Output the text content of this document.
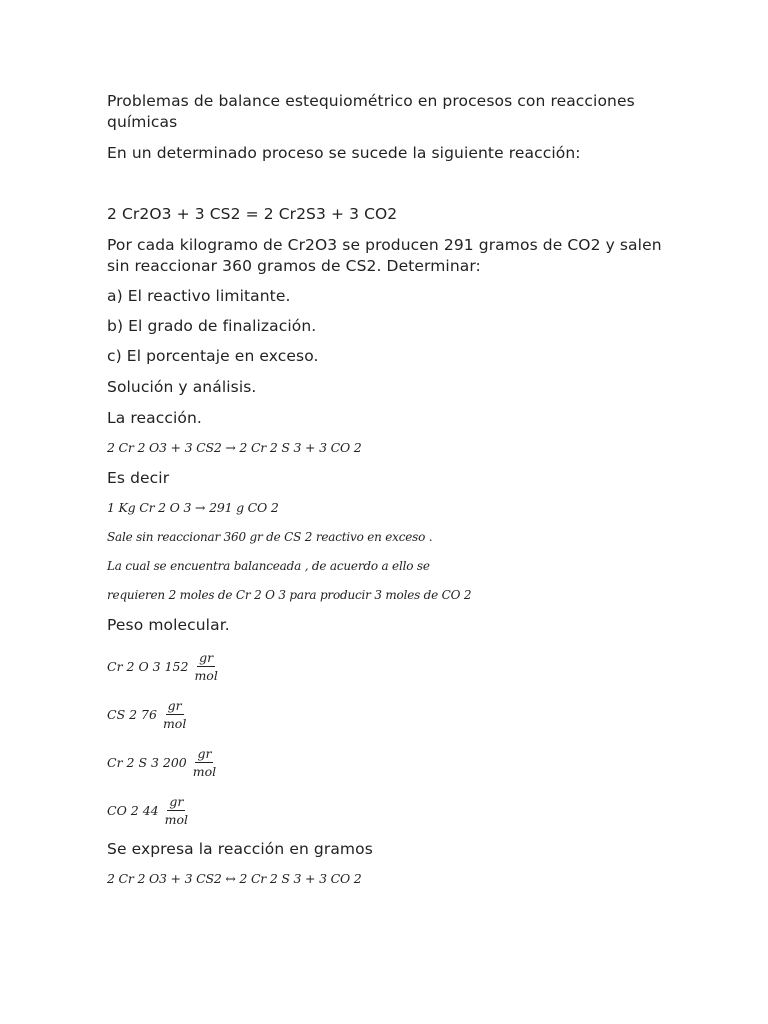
Problemas de balance estequiométrico en procesos con reacciones
químicas
En un determinado proceso se sucede la siguiente reacción:
2 Cr2O3 + 3 CS2 = 2 Cr2S3 + 3 CO2
Por cada kilogramo de Cr2O3 se producen 291 gramos de CO2 y salen
sin reaccionar 360 gramos de CS2. Determinar:
a) El reactivo limitante.
b) El grado de finalización.
c) El porcentaje en exceso.
Solución y análisis.
La reacción.
2 Cr 2 O3 + 3 CS2 → 2 Cr 2 S 3 + 3 CO 2
Es decir
1 Kg Cr 2 O 3 → 291 g CO 2
Sale sin reaccionar 360 gr de CS 2 reactivo en exceso .
La cual se encuentra balanceada , de acuerdo a ello se
requieren 2 moles de Cr 2 O 3 para producir 3 moles de CO 2
Peso molecular.
Cr 2 O 3 $152 \frac{gr}{\text{mol}}$
CS 2 $76 \frac{gr}{\text{mol}}$
Cr 2 S 3 $200 \frac{gr}{\text{mol}}$
CO 2 $44 \frac{gr}{\text{mol}}$
Se expresa la reacción en gramos
2 Cr 2 O3 + 3 CS2 ↔ 2 Cr 2 S 3 + 3 CO 2
